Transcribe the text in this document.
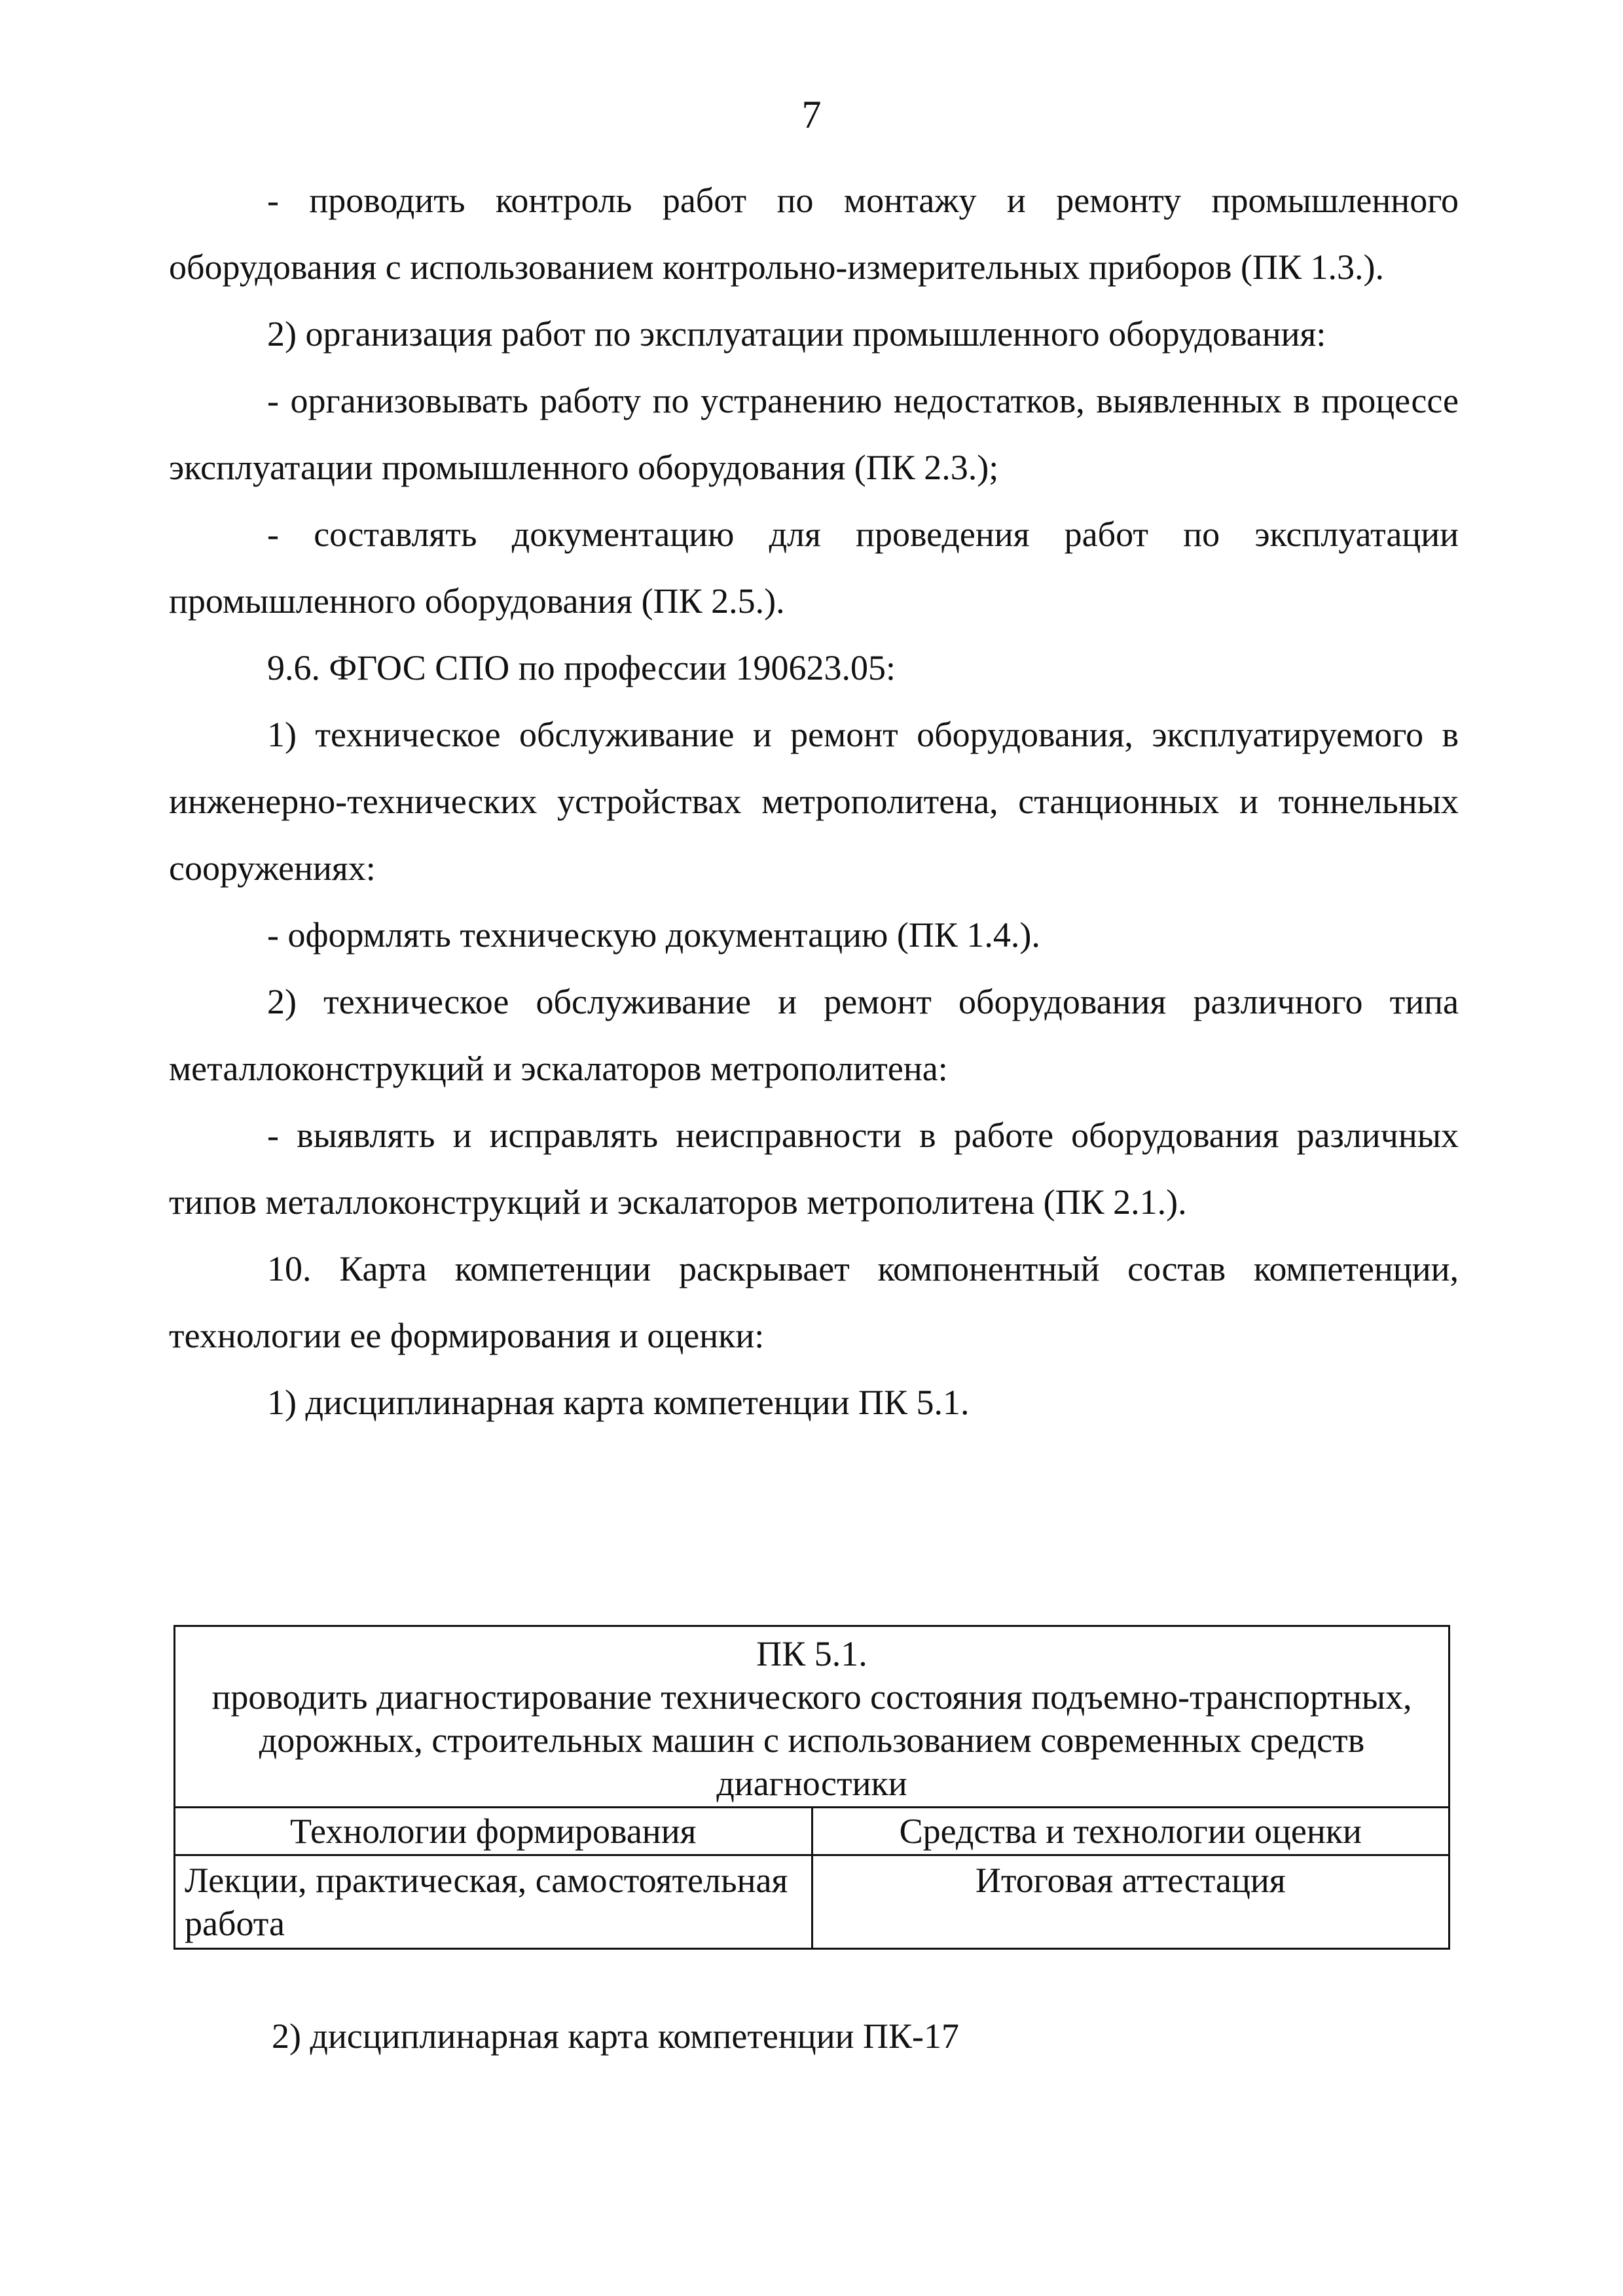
7

- проводить контроль работ по монтажу и ремонту промышленного оборудования с использованием контрольно-измерительных приборов (ПК 1.3.).

2) организация работ по эксплуатации промышленного оборудования:

- организовывать работу по устранению недостатков, выявленных в процессе эксплуатации промышленного оборудования (ПК 2.3.);

- составлять документацию для проведения работ по эксплуатации промышленного оборудования (ПК 2.5.).

9.6. ФГОС СПО по профессии 190623.05:

1) техническое обслуживание и ремонт оборудования, эксплуатируемого в инженерно-технических устройствах метрополитена, станционных и тоннельных сооружениях:

- оформлять техническую документацию (ПК 1.4.).

2) техническое обслуживание и ремонт оборудования различного типа металлоконструкций и эскалаторов метрополитена:

- выявлять и исправлять неисправности в работе оборудования различных типов металлоконструкций и эскалаторов метрополитена (ПК 2.1.).

10. Карта компетенции раскрывает компонентный состав компетенции, технологии ее формирования и оценки:

1) дисциплинарная карта компетенции ПК 5.1.

ПК 5.1.
проводить диагностирование технического состояния подъемно-транспортных, дорожных, строительных машин с использованием современных средств диагностики	

Технологии формирования	Средства и технологии оценки
Лекции, практическая, самостоятельная работа	Итоговая аттестация
2) дисциплинарная карта компетенции ПК-17
